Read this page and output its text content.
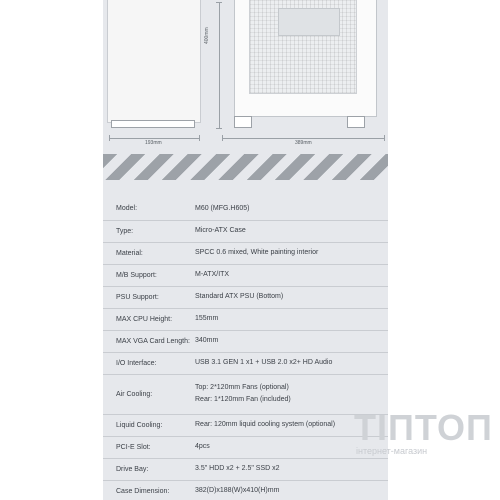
193mm
400mm
389mm
Model:	M60 (MFG.H605)
Type:	Micro-ATX Case
Material:	SPCC 0.6 mixed, White painting interior
M/B Support:	M-ATX/ITX
PSU Support:	Standard ATX PSU (Bottom)
MAX CPU Height:	155mm
MAX VGA Card Length: 340mm
I/O Interface:	USB 3.1 GEN 1 x1 + USB 2.0 x2+ HD Audio
Air Cooling:
Top: 2*120mm Fans (optional)
Rear: 1*120mm Fan (included)
Liquid Cooling:	Rear: 120mm liquid cooling system (optional)
PCI-E Slot:	4pcs
Drive Bay:	3.5" HDD x2 + 2.5" SSD x2
Case Dimension:	382(D)x188(W)x410(H)mm
ТІПТОП
інтернет-магазин
